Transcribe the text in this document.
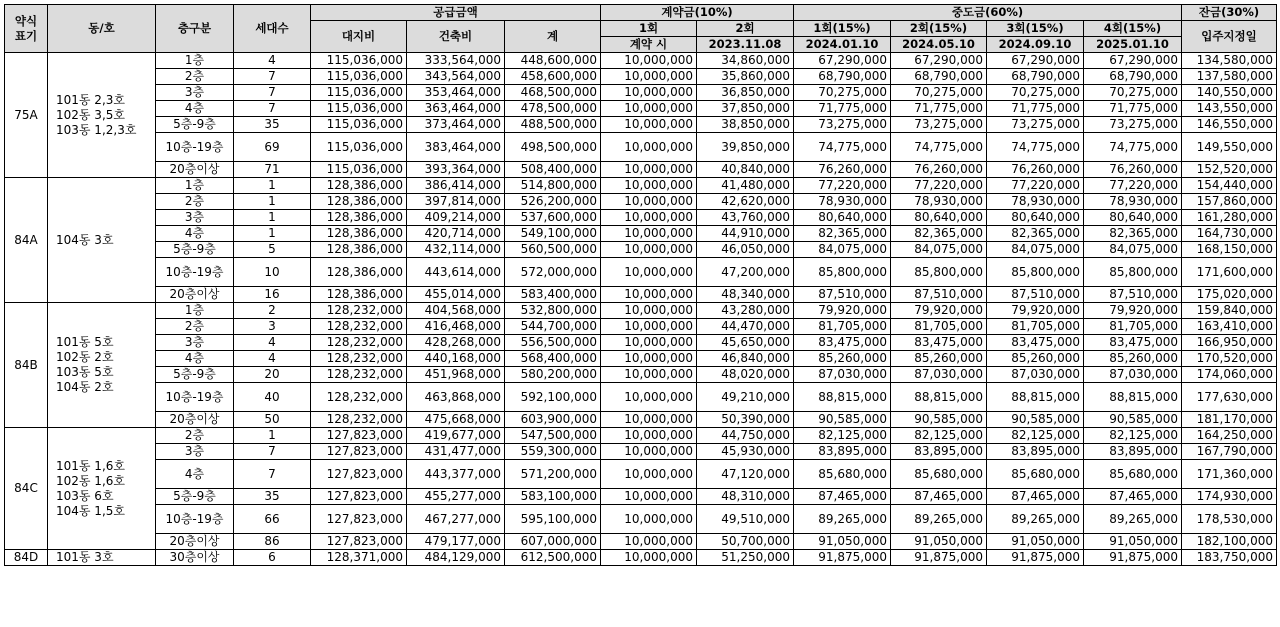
약식
표기	동/호	층구분	세대수	공급금액			계약금(10%)		중도금(60%)				잔금(30%)
				대지비	건축비	계	1회	2회	1회(15%)	2회(15%)	3회(15%)	4회(15%)	입주지정일
							계약 시	2023.11.08	2024.01.10	2024.05.10	2024.09.10	2025.01.10	
75A	101동 2,3호
102동 3,5호
103동 1,2,3호	1층	4	115,036,000	333,564,000	448,600,000	10,000,000	34,860,000	67,290,000	67,290,000	67,290,000	67,290,000	134,580,000
		2층	7	115,036,000	343,564,000	458,600,000	10,000,000	35,860,000	68,790,000	68,790,000	68,790,000	68,790,000	137,580,000
		3층	7	115,036,000	353,464,000	468,500,000	10,000,000	36,850,000	70,275,000	70,275,000	70,275,000	70,275,000	140,550,000
		4층	7	115,036,000	363,464,000	478,500,000	10,000,000	37,850,000	71,775,000	71,775,000	71,775,000	71,775,000	143,550,000
		5층-9층	35	115,036,000	373,464,000	488,500,000	10,000,000	38,850,000	73,275,000	73,275,000	73,275,000	73,275,000	146,550,000
		10층-19층	69	115,036,000	383,464,000	498,500,000	10,000,000	39,850,000	74,775,000	74,775,000	74,775,000	74,775,000	149,550,000
		20층이상	71	115,036,000	393,364,000	508,400,000	10,000,000	40,840,000	76,260,000	76,260,000	76,260,000	76,260,000	152,520,000
84A	104동 3호	1층	1	128,386,000	386,414,000	514,800,000	10,000,000	41,480,000	77,220,000	77,220,000	77,220,000	77,220,000	154,440,000
		2층	1	128,386,000	397,814,000	526,200,000	10,000,000	42,620,000	78,930,000	78,930,000	78,930,000	78,930,000	157,860,000
		3층	1	128,386,000	409,214,000	537,600,000	10,000,000	43,760,000	80,640,000	80,640,000	80,640,000	80,640,000	161,280,000
		4층	1	128,386,000	420,714,000	549,100,000	10,000,000	44,910,000	82,365,000	82,365,000	82,365,000	82,365,000	164,730,000
		5층-9층	5	128,386,000	432,114,000	560,500,000	10,000,000	46,050,000	84,075,000	84,075,000	84,075,000	84,075,000	168,150,000
		10층-19층	10	128,386,000	443,614,000	572,000,000	10,000,000	47,200,000	85,800,000	85,800,000	85,800,000	85,800,000	171,600,000
		20층이상	16	128,386,000	455,014,000	583,400,000	10,000,000	48,340,000	87,510,000	87,510,000	87,510,000	87,510,000	175,020,000
84B	101동 5호
102동 2호
103동 5호
104동 2호	1층	2	128,232,000	404,568,000	532,800,000	10,000,000	43,280,000	79,920,000	79,920,000	79,920,000	79,920,000	159,840,000
		2층	3	128,232,000	416,468,000	544,700,000	10,000,000	44,470,000	81,705,000	81,705,000	81,705,000	81,705,000	163,410,000
		3층	4	128,232,000	428,268,000	556,500,000	10,000,000	45,650,000	83,475,000	83,475,000	83,475,000	83,475,000	166,950,000
		4층	4	128,232,000	440,168,000	568,400,000	10,000,000	46,840,000	85,260,000	85,260,000	85,260,000	85,260,000	170,520,000
		5층-9층	20	128,232,000	451,968,000	580,200,000	10,000,000	48,020,000	87,030,000	87,030,000	87,030,000	87,030,000	174,060,000
		10층-19층	40	128,232,000	463,868,000	592,100,000	10,000,000	49,210,000	88,815,000	88,815,000	88,815,000	88,815,000	177,630,000
		20층이상	50	128,232,000	475,668,000	603,900,000	10,000,000	50,390,000	90,585,000	90,585,000	90,585,000	90,585,000	181,170,000
84C	101동 1,6호
102동 1,6호
103동 6호
104동 1,5호	2층	1	127,823,000	419,677,000	547,500,000	10,000,000	44,750,000	82,125,000	82,125,000	82,125,000	82,125,000	164,250,000
		3층	7	127,823,000	431,477,000	559,300,000	10,000,000	45,930,000	83,895,000	83,895,000	83,895,000	83,895,000	167,790,000
		4층	7	127,823,000	443,377,000	571,200,000	10,000,000	47,120,000	85,680,000	85,680,000	85,680,000	85,680,000	171,360,000
		5층-9층	35	127,823,000	455,277,000	583,100,000	10,000,000	48,310,000	87,465,000	87,465,000	87,465,000	87,465,000	174,930,000
		10층-19층	66	127,823,000	467,277,000	595,100,000	10,000,000	49,510,000	89,265,000	89,265,000	89,265,000	89,265,000	178,530,000
		20층이상	86	127,823,000	479,177,000	607,000,000	10,000,000	50,700,000	91,050,000	91,050,000	91,050,000	91,050,000	182,100,000
84D	101동 3호	30층이상	6	128,371,000	484,129,000	612,500,000	10,000,000	51,250,000	91,875,000	91,875,000	91,875,000	91,875,000	183,750,000
